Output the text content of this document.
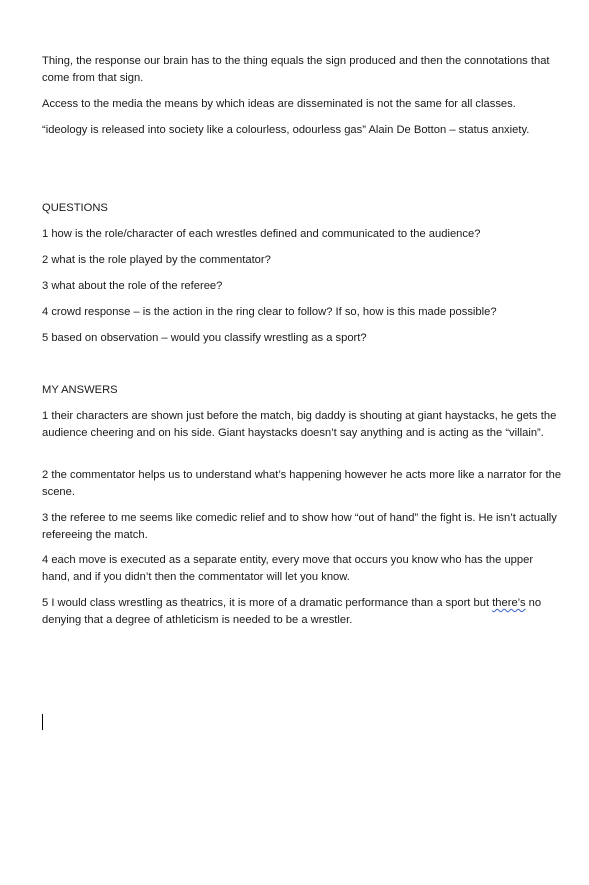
Thing, the response our brain has to the thing equals the sign produced and then the connotations that come from that sign.

Access to the media the means by which ideas are disseminated is not the same for all classes.

“ideology is released into society like a colourless, odourless gas” Alain De Botton – status anxiety.

QUESTIONS

1 how is the role/character of each wrestles defined and communicated to the audience?

2 what is the role played by the commentator?

3 what about the role of the referee?

4 crowd response – is the action in the ring clear to follow? If so, how is this made possible?

5 based on observation – would you classify wrestling as a sport?

MY ANSWERS

1 their characters are shown just before the match, big daddy is shouting at giant haystacks, he gets the audience cheering and on his side. Giant haystacks doesn’t say anything and is acting as the “villain”.

2 the commentator helps us to understand what’s happening however he acts more like a narrator for the scene.

3 the referee to me seems like comedic relief and to show how “out of hand” the fight is. He isn’t actually refereeing the match.

4 each move is executed as a separate entity, every move that occurs you know who has the upper hand, and if you didn’t then the commentator will let you know.

5 I would class wrestling as theatrics, it is more of a dramatic performance than a sport but there’s no denying that a degree of athleticism is needed to be a wrestler.
